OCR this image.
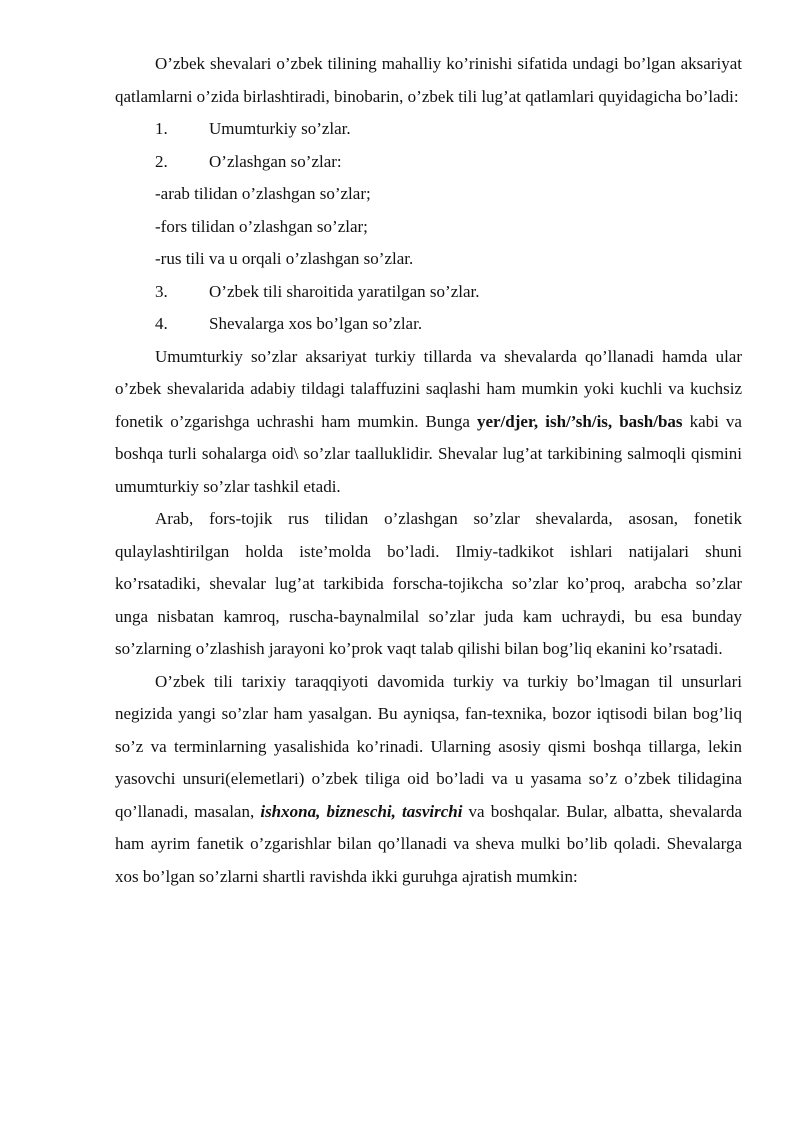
O’zbek shevalari o’zbek tilining mahalliy ko’rinishi sifatida undagi bo’lgan aksariyat qatlamlarni o’zida birlashtiradi, binobarin, o’zbek tili lug’at qatlamlari quyidagicha bo’ladi:

1.	Umumturkiy so’zlar.
2.	O’zlashgan so’zlar:

-arab tilidan o’zlashgan so’zlar;

-fors tilidan o’zlashgan so’zlar;

-rus tili va u orqali o’zlashgan so’zlar.

3.	O’zbek tili sharoitida yaratilgan so’zlar.
4.	Shevalarga xos bo’lgan so’zlar.

Umumturkiy so’zlar aksariyat turkiy tillarda va shevalarda qo’llanadi hamda ular o’zbek shevalarida adabiy tildagi talaffuzini saqlashi ham mumkin yoki kuchli va kuchsiz fonetik o’zgarishga uchrashi ham mumkin. Bunga yer/djer, ish/’sh/is, bash/bas kabi va boshqa turli sohalarga oid\ so’zlar taalluklidir. Shevalar lug’at tarkibining salmoqli qismini umumturkiy so’zlar tashkil etadi.

Arab, fors-tojik rus tilidan o’zlashgan so’zlar shevalarda, asosan, fonetik qulaylashtirilgan holda iste’molda bo’ladi. Ilmiy-tadkikot ishlari natijalari shuni ko’rsatadiki, shevalar lug’at tarkibida forscha-tojikcha so’zlar ko’proq, arabcha so’zlar unga nisbatan kamroq, ruscha-baynalmilal so’zlar juda kam uchraydi, bu esa bunday so’zlarning o’zlashish jarayoni ko’prok vaqt talab qilishi bilan bog’liq ekanini ko’rsatadi.

O’zbek tili tarixiy taraqqiyoti davomida turkiy va turkiy bo’lmagan til unsurlari negizida yangi so’zlar ham yasalgan. Bu ayniqsa, fan-texnika, bozor iqtisodi bilan bog’liq so’z va terminlarning yasalishida ko’rinadi. Ularning asosiy qismi boshqa tillarga, lekin yasovchi unsuri(elemetlari) o’zbek tiliga oid bo’ladi va u yasama so’z o’zbek tilidagina qo’llanadi, masalan, ishxona, bizneschi, tasvirchi va boshqalar. Bular, albatta, shevalarda ham ayrim fanetik o’zgarishlar bilan qo’llanadi va sheva mulki bo’lib qoladi. Shevalarga xos bo’lgan so’zlarni shartli ravishda ikki guruhga ajratish mumkin:
